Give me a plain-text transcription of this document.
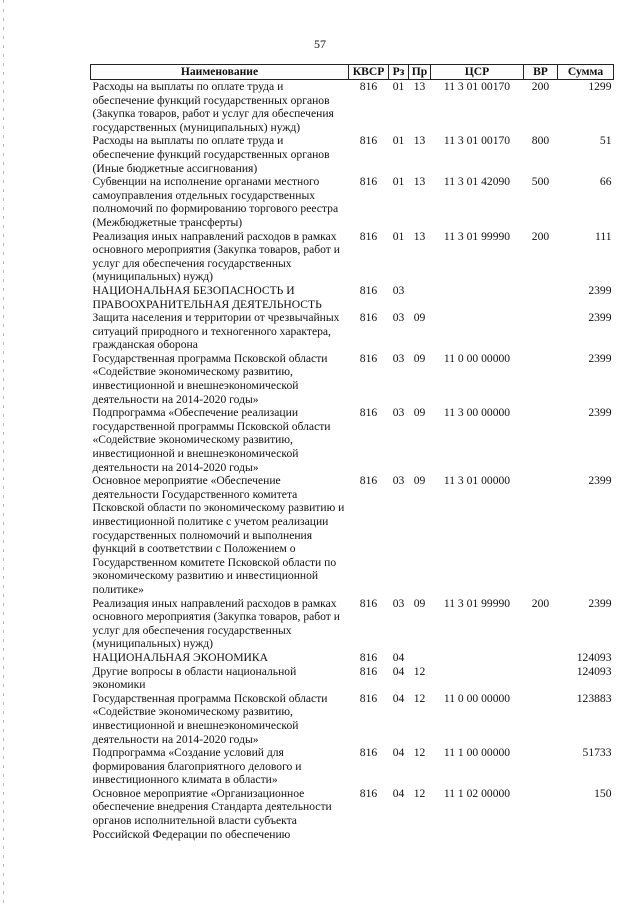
57
Наименование	КВСР	Рз	Пр	ЦСР	ВР	Сумма
Расходы на выплаты по оплате труда и обеспечение функций государственных органов (Закупка товаров, работ и услуг для обеспечения государственных (муниципальных) нужд)	816	01	13	11 3 01 00170	200	1299
Расходы на выплаты по оплате труда и обеспечение функций государственных органов (Иные бюджетные ассигнования)	816	01	13	11 3 01 00170	800	51
Субвенции на исполнение органами местного самоуправления отдельных государственных полномочий по формированию торгового реестра (Межбюджетные трансферты)	816	01	13	11 3 01 42090	500	66
Реализация иных направлений расходов в рамках основного мероприятия (Закупка товаров, работ и услуг для обеспечения государственных (муниципальных) нужд)	816	01	13	11 3 01 99990	200	111
НАЦИОНАЛЬНАЯ БЕЗОПАСНОСТЬ И ПРАВООХРАНИТЕЛЬНАЯ ДЕЯТЕЛЬНОСТЬ	816	03				2399
Защита населения и территории от чрезвычайных ситуаций природного и техногенного характера, гражданская оборона	816	03	09			2399
Государственная программа Псковской области «Содействие экономическому развитию, инвестиционной и внешнеэкономической деятельности на 2014-2020 годы»	816	03	09	11 0 00 00000		2399
Подпрограмма «Обеспечение реализации государственной программы Псковской области «Содействие экономическому развитию, инвестиционной и внешнеэкономической деятельности на 2014-2020 годы»	816	03	09	11 3 00 00000		2399
Основное мероприятие «Обеспечение деятельности Государственного комитета Псковской области по экономическому развитию и инвестиционной политике с учетом реализации государственных полномочий и выполнения функций в соответствии с Положением о Государственном комитете Псковской области по экономическому развитию и инвестиционной политике»	816	03	09	11 3 01 00000		2399
Реализация иных направлений расходов в рамках основного мероприятия (Закупка товаров, работ и услуг для обеспечения государственных (муниципальных) нужд)	816	03	09	11 3 01 99990	200	2399
НАЦИОНАЛЬНАЯ ЭКОНОМИКА	816	04				124093
Другие вопросы в области национальной экономики	816	04	12			124093
Государственная программа Псковской области «Содействие экономическому развитию, инвестиционной и внешнеэкономической деятельности на 2014-2020 годы»	816	04	12	11 0 00 00000		123883
Подпрограмма «Создание условий для формирования благоприятного делового и инвестиционного климата в области»	816	04	12	11 1 00 00000		51733
Основное мероприятие «Организационное обеспечение внедрения Стандарта деятельности органов исполнительной власти субъекта Российской Федерации по обеспечению	816	04	12	11 1 02 00000		150
